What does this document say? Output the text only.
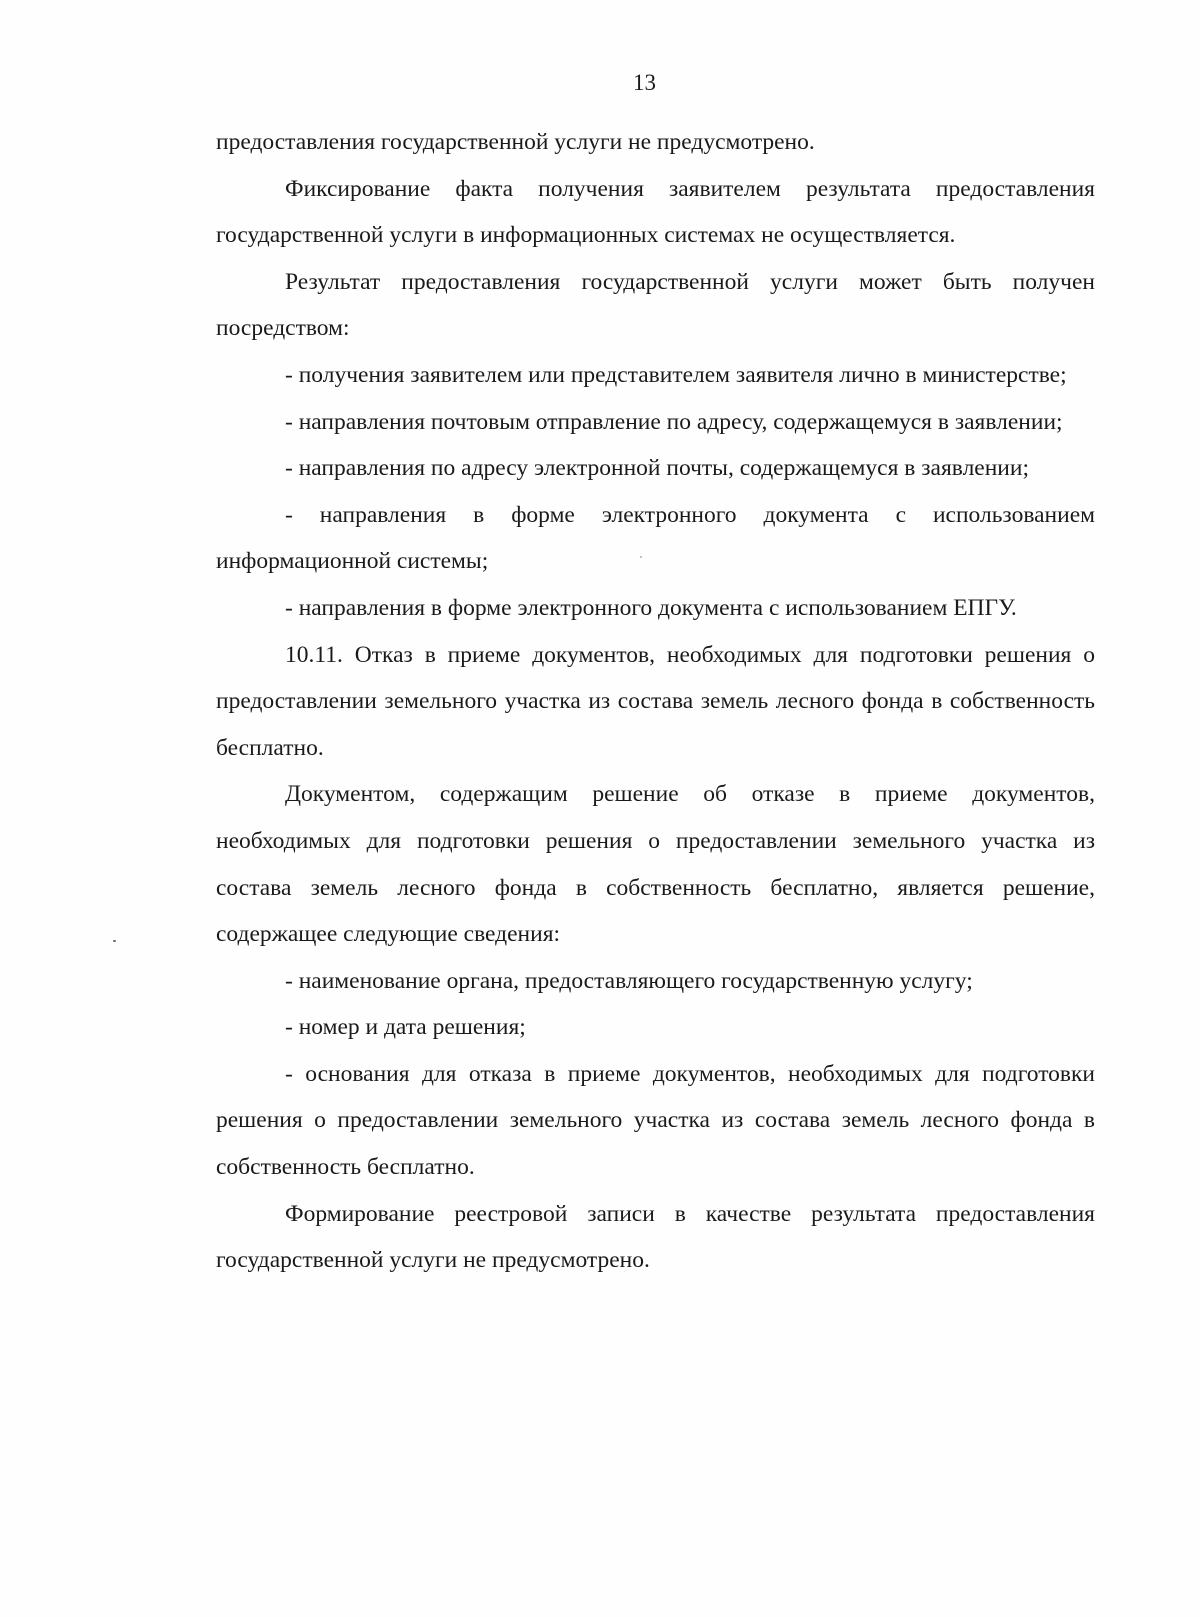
13

предоставления государственной услуги не предусмотрено.

Фиксирование факта получения заявителем результата предоставления государственной услуги в информационных системах не осуществляется.

Результат предоставления государственной услуги может быть получен посредством:

- получения заявителем или представителем заявителя лично в министерстве;

- направления почтовым отправление по адресу, содержащемуся в заявлении;

- направления по адресу электронной почты, содержащемуся в заявлении;

- направления в форме электронного документа с использованием информационной системы;

- направления в форме электронного документа с использованием ЕПГУ.

10.11. Отказ в приеме документов, необходимых для подготовки решения о предоставлении земельного участка из состава земель лесного фонда в собственность бесплатно.

Документом, содержащим решение об отказе в приеме документов, необходимых для подготовки решения о предоставлении земельного участка из состава земель лесного фонда в собственность бесплатно, является решение, содержащее следующие сведения:

- наименование органа, предоставляющего государственную услугу;

- номер и дата решения;

- основания для отказа в приеме документов, необходимых для подготовки решения о предоставлении земельного участка из состава земель лесного фонда в собственность бесплатно.

Формирование реестровой записи в качестве результата предоставления государственной услуги не предусмотрено.
